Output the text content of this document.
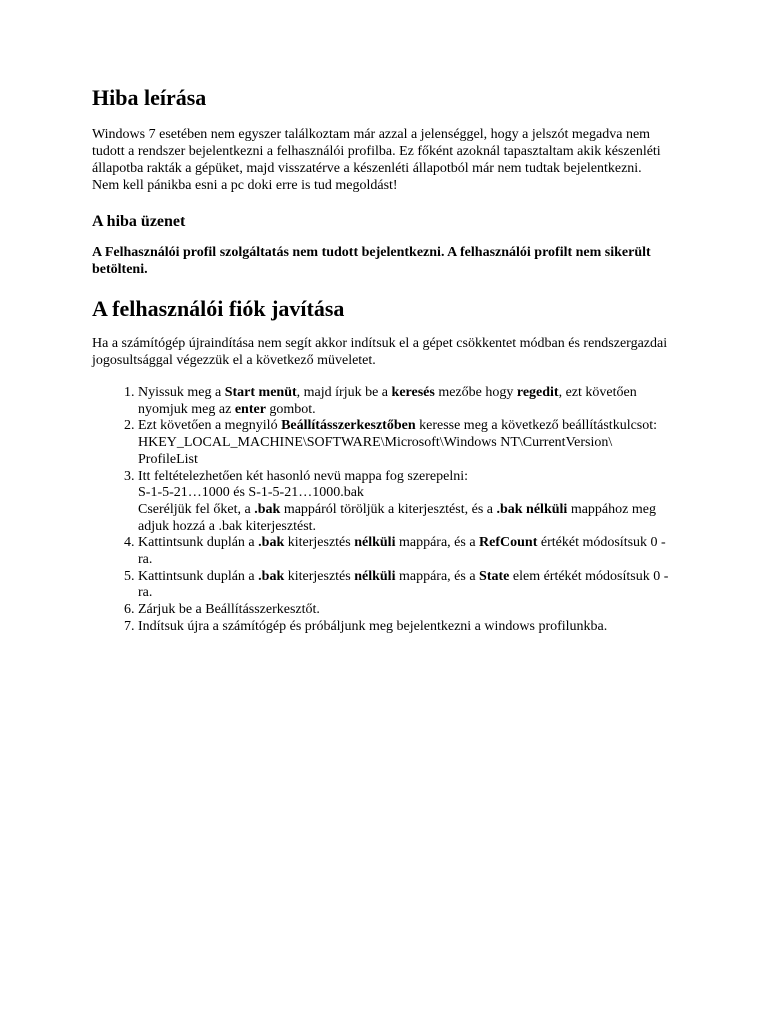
Hiba leírása

Windows 7 esetében nem egyszer találkoztam már azzal a jelenséggel, hogy a jelszót megadva nem tudott a rendszer bejelentkezni a felhasználói profilba. Ez főként azoknál tapasztaltam akik készenléti állapotba rakták a gépüket, majd visszatérve a készenléti állapotból már nem tudtak bejelentkezni.
Nem kell pánikba esni a pc doki erre is tud megoldást!

A hiba üzenet

A Felhasználói profil szolgáltatás nem tudott bejelentkezni. A felhasználói profilt nem sikerült betölteni.

A felhasználói fiók javítása

Ha a számítógép újraindítása nem segít akkor indítsuk el a gépet csökkentet módban és rendszergazdai jogosultsággal végezzük el a következő müveletet.

1. Nyissuk meg a Start menüt, majd írjuk be a keresés mezőbe hogy regedit, ezt követően nyomjuk meg az enter gombot.
2. Ezt követően a megnyiló Beállításszerkesztőben keresse meg a következő beállítástkulcsot:
HKEY_LOCAL_MACHINE\SOFTWARE\Microsoft\Windows NT\CurrentVersion\
ProfileList
3. Itt feltételezhetően két hasonló nevü mappa fog szerepelni:
S-1-5-21…1000 és S-1-5-21…1000.bak
Cseréljük fel őket, a .bak mappáról töröljük a kiterjesztést, és a .bak nélküli mappához meg adjuk hozzá a .bak kiterjesztést.
4. Kattintsunk duplán a .bak kiterjesztés nélküli mappára, és a RefCount értékét módosítsuk 0 -ra.
5. Kattintsunk duplán a .bak kiterjesztés nélküli mappára, és a State elem értékét módosítsuk 0 -ra.
6. Zárjuk be a Beállításszerkesztőt.
7. Indítsuk újra a számítógép és próbáljunk meg bejelentkezni a windows profilunkba.
